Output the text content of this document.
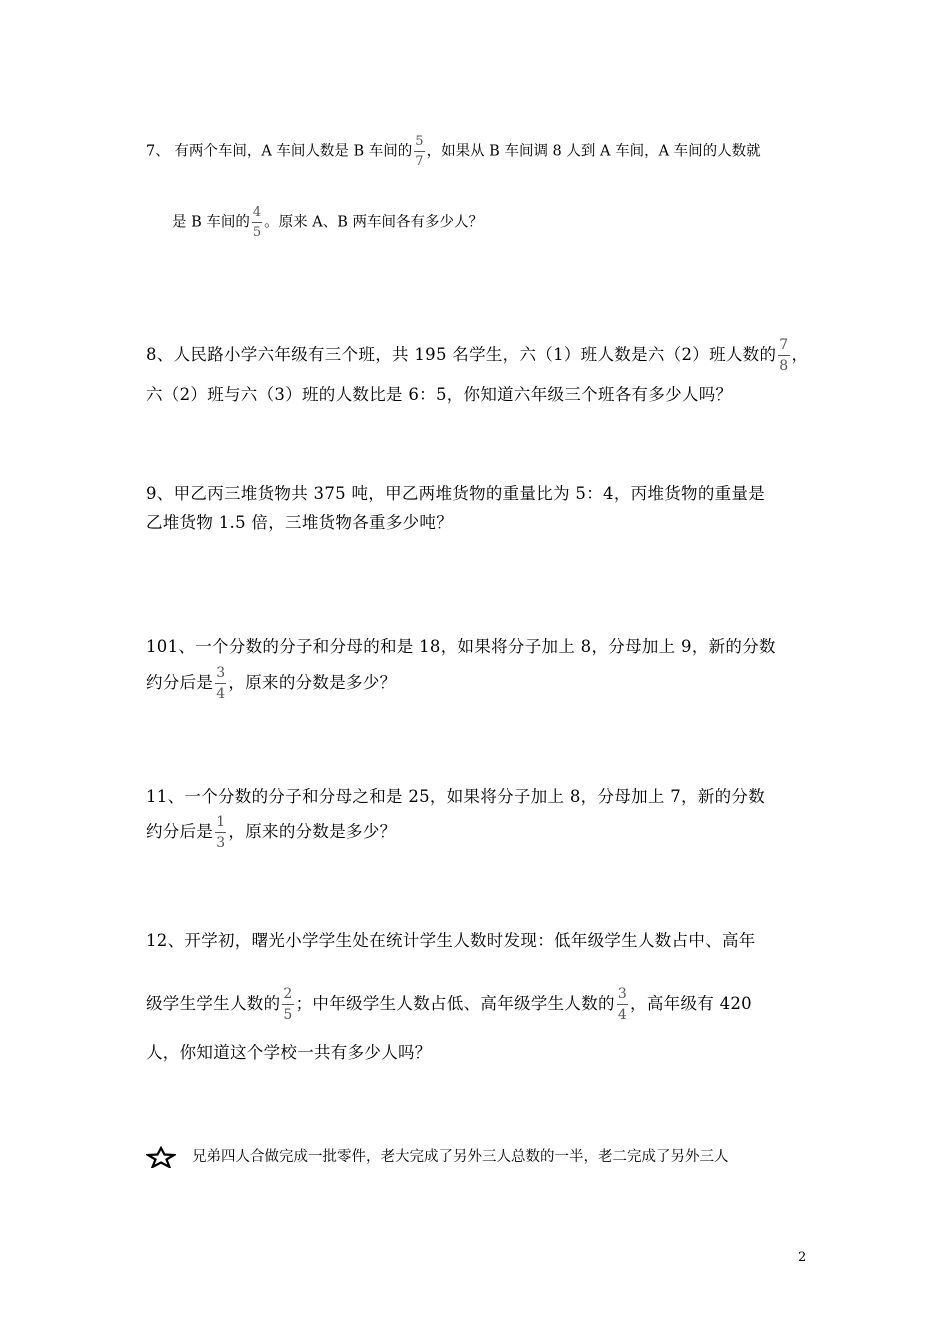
7、 有两个车间，A 车间人数是 B 车间的 $\frac{5}{7}$ ，如果从 B 车间调 8 人到 A 车间，A 车间的人数就
是 B 车间的 $\frac{4}{5}$ 。原来 A、B 两车间各有多少人？
8、人民路小学六年级有三个班，共 195 名学生，六（1）班人数是六（2）班人数的 $\frac{7}{8}$ ，
六（2）班与六（3）班的人数比是 6：5，你知道六年级三个班各有多少人吗？
9、甲乙丙三堆货物共 375 吨，甲乙两堆货物的重量比为 5：4，丙堆货物的重量是
乙堆货物 1.5 倍，三堆货物各重多少吨？
101、一个分数的分子和分母的和是 18，如果将分子加上 8，分母加上 9，新的分数
约分后是 $\frac{3}{4}$ ，原来的分数是多少？
11、一个分数的分子和分母之和是 25，如果将分子加上 8，分母加上 7，新的分数
约分后是 $\frac{1}{3}$ ，原来的分数是多少？
12、开学初，曙光小学学生处在统计学生人数时发现：低年级学生人数占中、高年
级学生学生人数的 $\frac{2}{5}$ ；中年级学生人数占低、高年级学生人数的 $\frac{3}{4}$ ，高年级有 420
人，你知道这个学校一共有多少人吗？
兄弟四人合做完成一批零件，老大完成了另外三人总数的一半，老二完成了另外三人
2
